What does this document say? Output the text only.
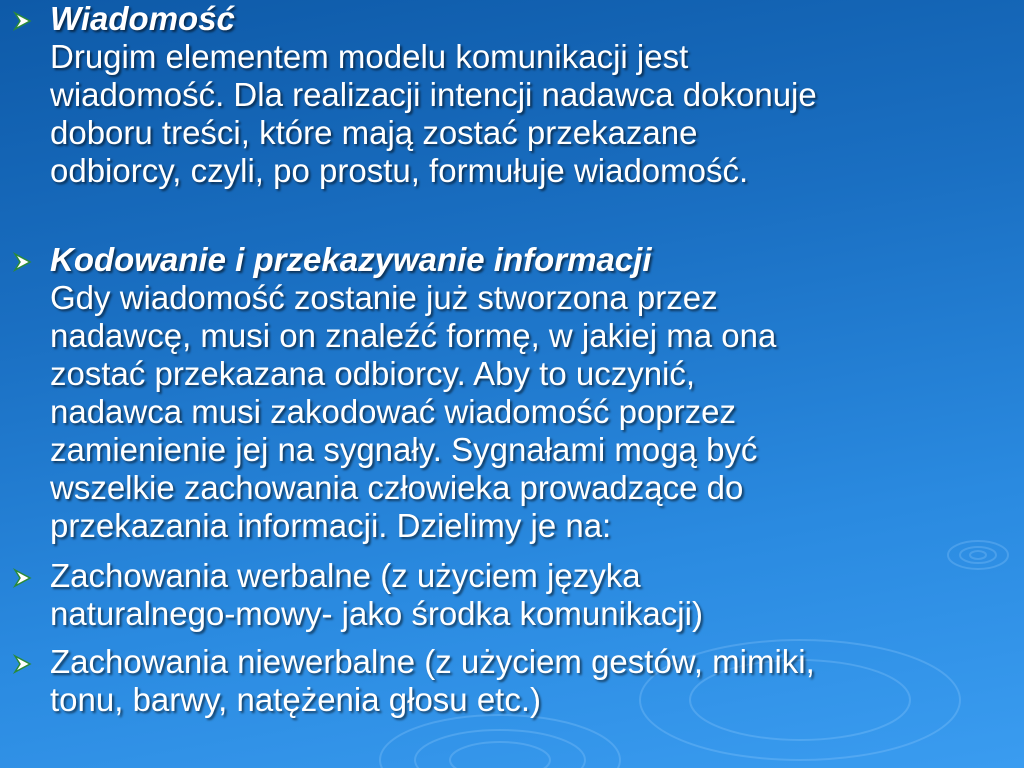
Wiadomość
Drugim elementem modelu komunikacji jest
wiadomość. Dla realizacji intencji nadawca dokonuje
doboru treści, które mają zostać przekazane
odbiorcy, czyli, po prostu, formułuje wiadomość.
Kodowanie i przekazywanie informacji
Gdy wiadomość zostanie już stworzona przez
nadawcę, musi on znaleźć formę, w jakiej ma ona
zostać przekazana odbiorcy. Aby to uczynić,
nadawca musi zakodować wiadomość poprzez
zamienienie jej na sygnały. Sygnałami mogą być
wszelkie zachowania człowieka prowadzące do
przekazania informacji. Dzielimy je na:
Zachowania werbalne (z użyciem języka
naturalnego-mowy- jako środka komunikacji)
Zachowania niewerbalne (z użyciem gestów, mimiki,
tonu, barwy, natężenia głosu etc.)
